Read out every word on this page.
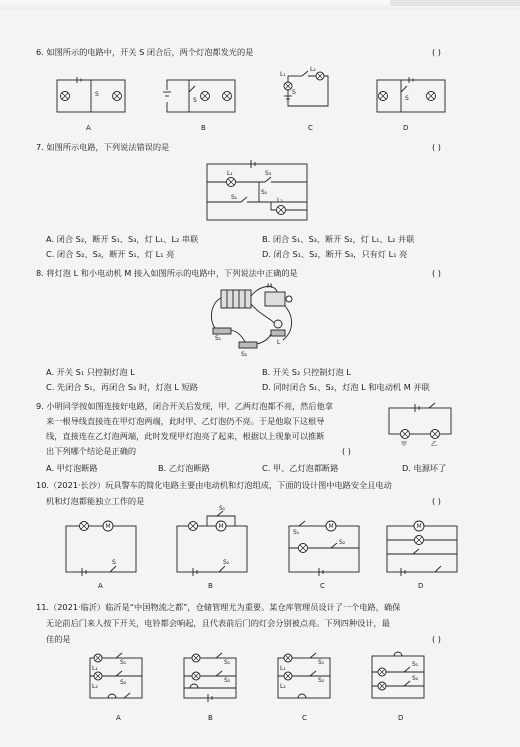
6. 如图所示的电路中，开关 S 闭合后，两个灯泡都发光的是	( )
S
S
L₁
L₂
S
S
A	B	C	D
7. 如图所示电路，下列说法错误的是	( )
L₁	S₃
S₁
S₂
L₂
A. 闭合 S₂，断开 S₁、S₃，灯 L₁、L₂ 串联	B. 闭合 S₁、S₃，断开 S₂，灯 L₁、L₂ 并联
C. 闭合 S₂、S₃，断开 S₁，灯 L₁ 亮	D. 闭合 S₁、S₂，断开 S₃，只有灯 L₁ 亮
8. 将灯泡 L 和小电动机 M 接入如图所示的电路中，下列说法中正确的是	( )
M
S₁
S₂
L
A. 开关 S₁ 只控制灯泡 L	B. 开关 S₂ 只控制灯泡 L
C. 先闭合 S₁，再闭合 S₂ 时，灯泡 L 短路	D. 同时闭合 S₁、S₂，灯泡 L 和电动机 M 并联
9. 小明同学按如图连接好电路，闭合开关后发现，甲、乙两灯泡都不亮，然后他拿
来一根导线直接连在甲灯泡两端，此时甲、乙灯泡仍不亮。于是他取下这根导
线，直接连在乙灯泡两端，此时发现甲灯泡亮了起来，根据以上现象可以推断
出下列哪个结论是正确的	( )
甲	乙
A. 甲灯泡断路	B. 乙灯泡断路	C. 甲、乙灯泡都断路	D. 电源坏了
10.（2021·长沙）玩具警车的简化电路主要由电动机和灯泡组成，下面的设计图中电路安全且电动
机和灯泡都能独立工作的是	( )
M
S
S₁
M
S₂
M
S₁
S₂
M
A	B	C	D
11.（2021·临沂）临沂是“中国物流之都”，仓储管理尤为重要。某仓库管理员设计了一个电路，确保
无论前后门来人按下开关，电铃都会响起，且代表前后门的灯会分别被点亮。下列四种设计，最
佳的是	( )
L₁
S₁
L₂
S₂
S₁
S₂
L₁
L₂
S₁
S₂
S₁
S₂
A	B	C	D
